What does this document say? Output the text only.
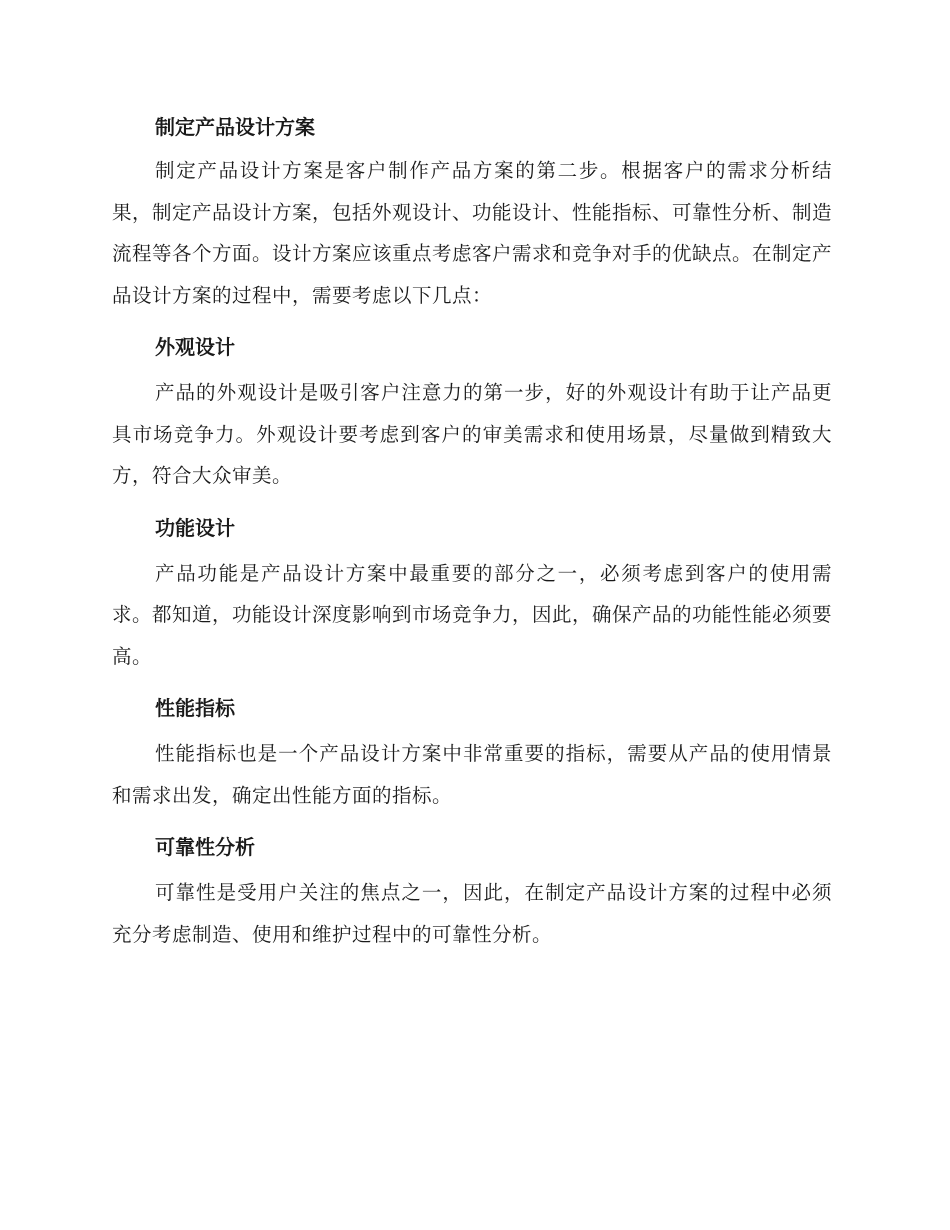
制定产品设计方案

制定产品设计方案是客户制作产品方案的第二步。根据客户的需求分析结果，制定产品设计方案，包括外观设计、功能设计、性能指标、可靠性分析、制造流程等各个方面。设计方案应该重点考虑客户需求和竞争对手的优缺点。在制定产品设计方案的过程中，需要考虑以下几点：

外观设计

产品的外观设计是吸引客户注意力的第一步，好的外观设计有助于让产品更具市场竞争力。外观设计要考虑到客户的审美需求和使用场景，尽量做到精致大方，符合大众审美。

功能设计

产品功能是产品设计方案中最重要的部分之一，必须考虑到客户的使用需求。都知道，功能设计深度影响到市场竞争力，因此，确保产品的功能性能必须要高。

性能指标

性能指标也是一个产品设计方案中非常重要的指标，需要从产品的使用情景和需求出发，确定出性能方面的指标。

可靠性分析

可靠性是受用户关注的焦点之一，因此，在制定产品设计方案的过程中必须充分考虑制造、使用和维护过程中的可靠性分析。
